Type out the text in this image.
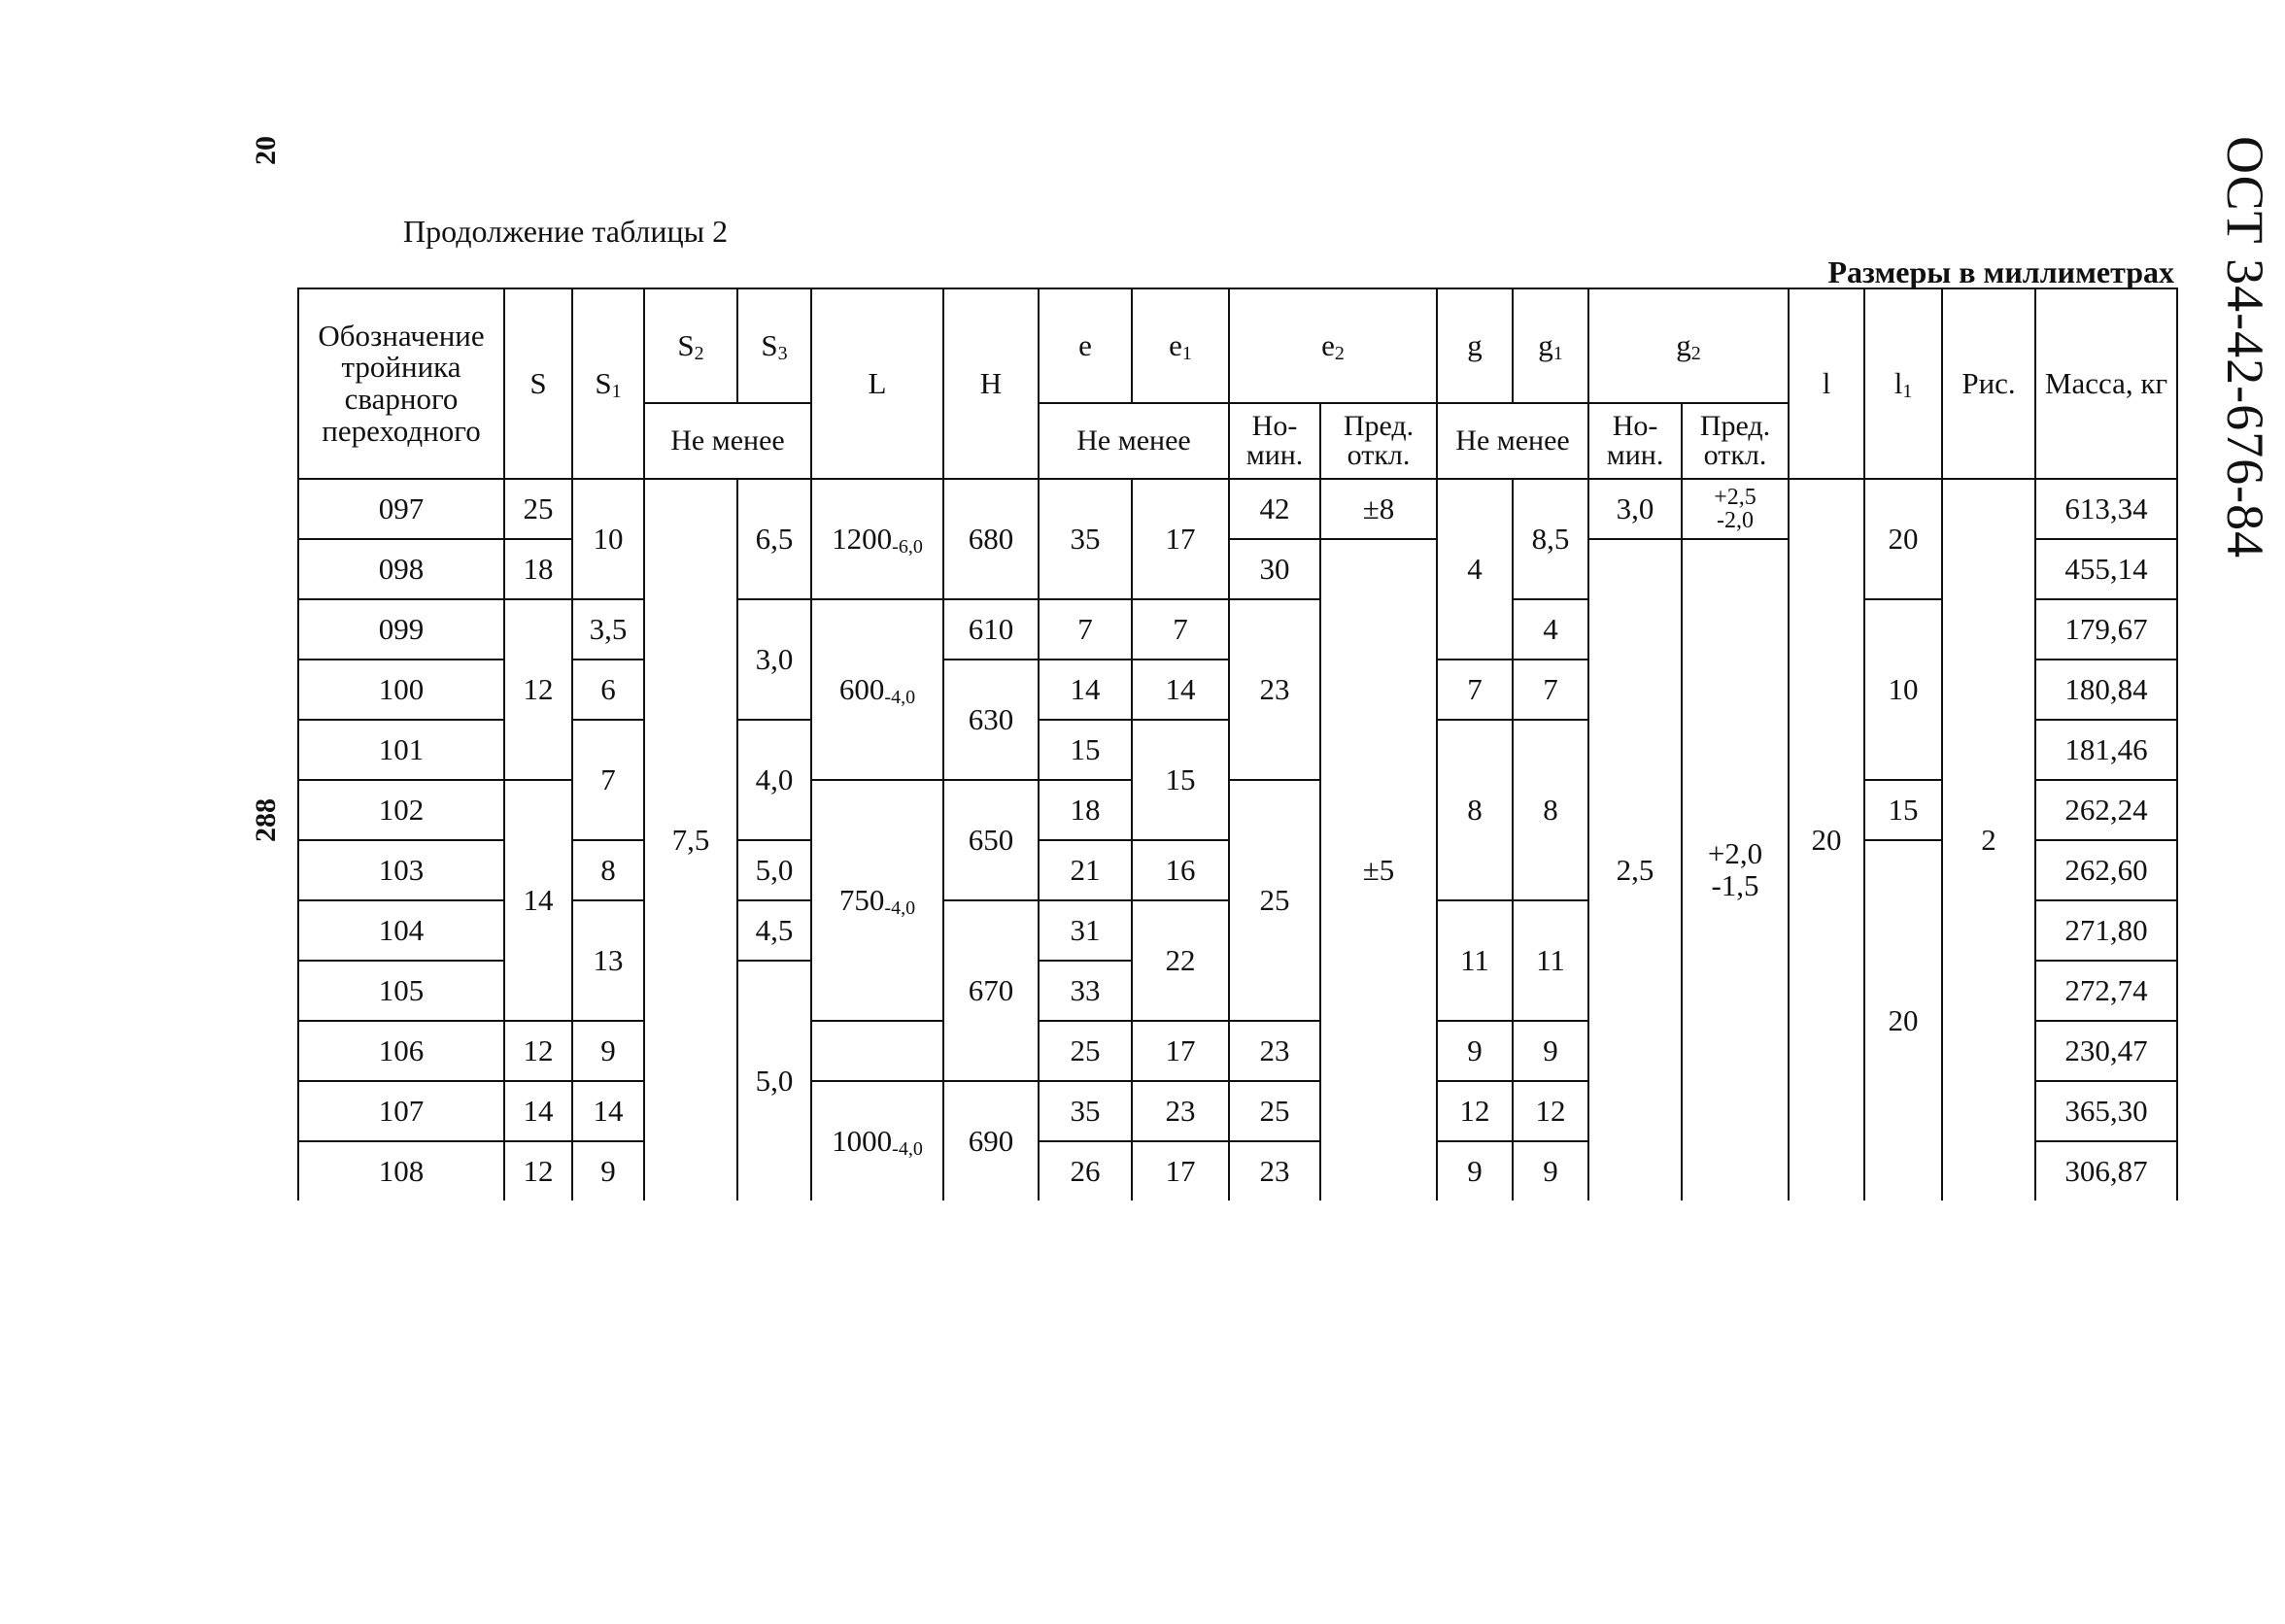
ОСТ 34-42-676-84
20
288
Продолжение таблицы 2
Размеры в миллиметрах
Обозначение тройника сварного переходного	S	$S_1$	$S_2$	$S_3$	L	H	e	$e_1$	$e_2$		g	$g_1$	$g_2$		l	$l_1$	Рис.	Масса, кг
			Не менее				Не менее		Но-мин.	Пред. откл.	Не менее		Но-мин.	Пред. откл.				
097	25	10	7,5	6,5	$1200_{-6,0}$	680	35	17	42	±8	4	8,5	3,0	+2,5
-2,0	20	20	2	613,34
098	18								30	±5			2,5	+2,0
-1,5				455,14
099	12	3,5		3,0	$600_{-4,0}$	610	7	7	23			4				10		179,67
100		6				630	14	14			7	7						180,84
101		7		4,0			15	15			8	8						181,46
102	14				$750_{-4,0}$	650	18		25							15		262,24
103		8		5,0			21	16								20		262,60
104		13		4,5		670	31	22			11	11						271,80
105				5,0			33											272,74
106	12	9					25	17	23		9	9						230,47
107	14	14			$1000_{-4,0}$	690	35	23	25		12	12						365,30
108	12	9					26	17	23		9	9						306,87
